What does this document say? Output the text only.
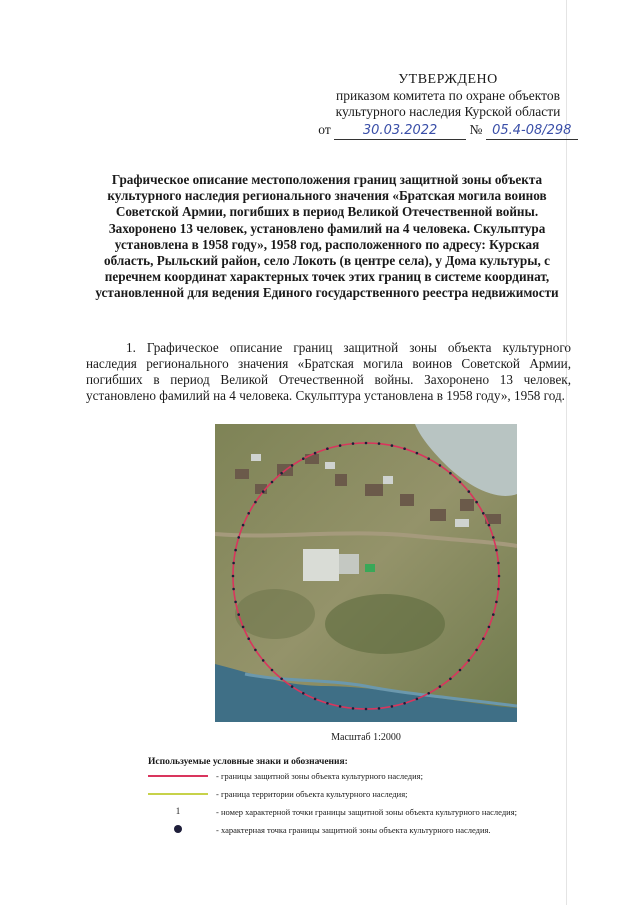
УТВЕРЖДЕНО
приказом комитета по охране объектов
культурного наследия Курской области
от 30.03.2022 № 05.4-08/298
Графическое описание местоположения границ защитной зоны объекта культурного наследия регионального значения «Братская могила воинов Советской Армии, погибших в период Великой Отечественной войны. Захоронено 13 человек, установлено фамилий на 4 человека. Скульптура установлена в 1958 году», 1958 год, расположенного по адресу: Курская область, Рыльский район, село Локоть (в центре села), у Дома культуры, с перечнем координат характерных точек этих границ в системе координат, установленной для ведения Единого государственного реестра недвижимости
1. Графическое описание границ защитной зоны объекта культурного наследия регионального значения «Братская могила воинов Советской Армии, погибших в период Великой Отечественной войны. Захоронено 13 человек, установлено фамилий на 4 человека. Скульптура установлена в 1958 году», 1958 год.
Масштаб 1:2000
Используемые условные знаки и обозначения:
- границы защитной зоны объекта культурного наследия;
- граница территории объекта культурного наследия;
1	- номер характерной точки границы защитной зоны объекта культурного наследия;
- характерная точка границы защитной зоны объекта культурного наследия.
